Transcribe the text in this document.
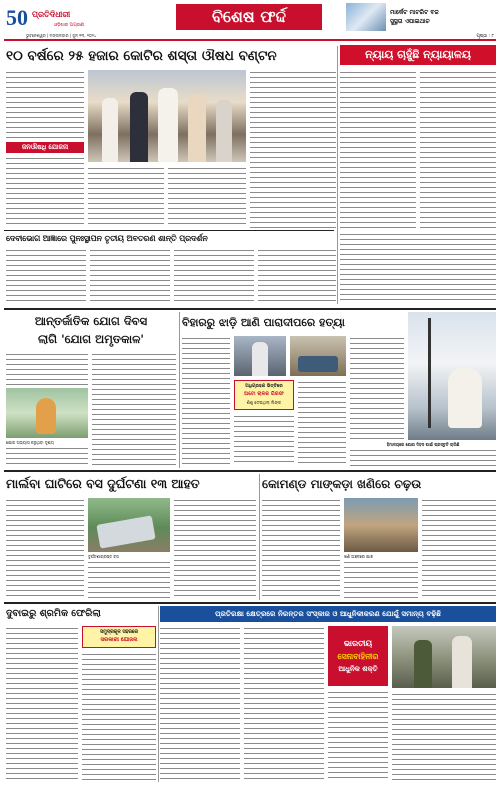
50 ପ୍ରତିଦିଧୀରୀ
ଓଡ଼ିଶାର ଅଗ୍ରଣୀ	ବିଶେଷ ଫର୍ଦ୍ଦ	ମାର୍କେଟ ମାଟରିଟ ବଜ
ସୁସ୍ଥତା ଏପାଇଥାଚ
ଭୁବନେଶ୍ୱର | ମଙ୍ଗଳବାର | ଜୁନ୍ ୧୩, ୨୦୨୪	ପୃଷ୍ଠା : ୮
୧୦ ବର୍ଷରେ ୨୫ ହଜାର କୋଟିର ଶସ୍ତା ଔଷଧ ବଣ୍ଟନ	ନ୍ୟାୟ ଚାହୁଁଛି ନ୍ୟାୟାଳୟ
ଜନଔଷଧି ଯୋଜନା
ଦେବୀଭୋଗ ଆଜ୍ଞାରେ ପୁନଃସ୍ଥାପନ ତୃତୀୟ ଅବତରଣ ଶାନ୍ତି ପ୍ରଦର୍ଶନ
ଆନ୍ତର୍ଜାତିକ ଯୋଗ ଦିବସ
ଲାଗି 'ଯୋଗ ଅମୃତକାଳ'
ଯୋଗ ଅଭ୍ୟାସ କରୁଥିବା ଦୃଶ୍ୟ
ବିହାରରୁ ଝାଡ଼ି ଆଣି ପାରାଦୀପରେ ହତ୍ୟା
ଅଧିଗ୍ରହଣ ଭିତ୍ତିରେ
ଅଟୋ ଚାଳକ ଗିରଫ
ଶିଶୁ ଦେଇଥିଲା ଲିଙ୍କ
ହିମାଳୟରେ ଯୋଗ ଦିବସ ପାଇଁ ପ୍ରସ୍ତୁତି ଚାଲିଛି
ମାର୍ଲବା ଘାଟିରେ ବସ ଦୁର୍ଘଟଣା ୧୩ ଆହତ	କୋମଣ୍ଡ ମାଙ୍କଡ଼ା ଖଣିରେ ଚଢ଼ଉ
ଦୁର୍ଘଟଣାଗ୍ରସ୍ତ ବସ	ଖଣି ଅଞ୍ଚଳରେ ଯାଞ୍ଚ
ଦୁବାଇରୁ ଶ୍ରମିକ ଫେରିଲା	ପ୍ରତିରକ୍ଷା କ୍ଷେତ୍ରରେ ନିରନ୍ତର ସଂସ୍କାର ଓ ଆଧୁନିକୀକରଣ ଯୋଗୁଁ ସମାନ୍ୟ ବଢ଼ିଛି
ସମୁଦ୍ରକୂଳ ସହରରେ
ସରକାରୀ ଯୋଜନା	ଭାରତୀୟ
ସେନାବାହିନୀର
ଆଧୁନିକ ଶକ୍ତି
